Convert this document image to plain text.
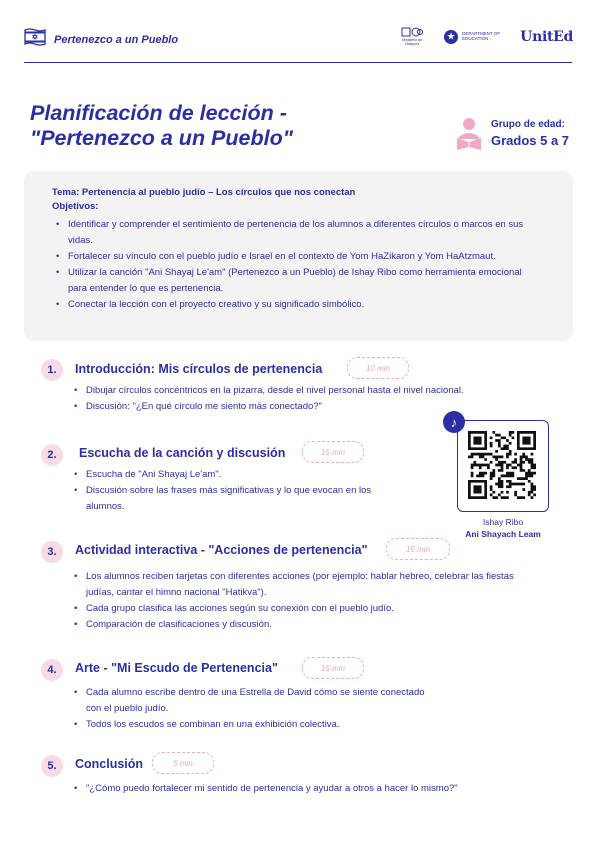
Pertenezco a un Pueblo	Ministerio de Diáspora
DEPARTMENT OF EDUCATION	UnitEd
Planificación de lección - "Pertenezco a un Pueblo"
Grupo de edad:
Grados 5 a 7
Tema: Pertenencia al pueblo judío – Los círculos que nos conectan
Objetivos:
• Identificar y comprender el sentimiento de pertenencia de los alumnos a diferentes círculos o marcos en sus vidas.
• Fortalecer su vínculo con el pueblo judío e Israel en el contexto de Yom HaZikaron y Yom HaAtzmaut.
• Utilizar la canción "Ani Shayaj Le'am" (Pertenezco a un Pueblo) de Ishay Ribo como herramienta emocional para entender lo que es pertenencia.
• Conectar la lección con el proyecto creativo y su significado simbólico.
1.	Introducción: Mis círculos de pertenencia	10 min
• Dibujar círculos concéntricos en la pizarra, desde el nivel personal hasta el nivel nacional.
• Discusión: "¿En qué círculo me siento más conectado?"
2.	Escucha de la canción y discusión	15 min
• Escucha de "Ani Shayaj Le'am".
• Discusión sobre las frases más significativas y lo que evocan en los alumnos.
♪
Ishay Ribo
Ani Shayach Leam
3.	Actividad interactiva - "Acciones de pertenencia"	15 min
• Los alumnos reciben tarjetas con diferentes acciones (por ejemplo: hablar hebreo, celebrar las fiestas judías, cantar el himno nacional "Hatikva").
• Cada grupo clasifica las acciones según su conexión con el pueblo judío.
• Comparación de clasificaciones y discusión.
4.	Arte - "Mi Escudo de Pertenencia"	15 min
• Cada alumno escribe dentro de una Estrella de David cómo se siente conectado con el pueblo judío.
• Todos los escudos se combinan en una exhibición colectiva.
5.	Conclusión	5 min
• "¿Cómo puedo fortalecer mi sentido de pertenencia y ayudar a otros a hacer lo mismo?"
